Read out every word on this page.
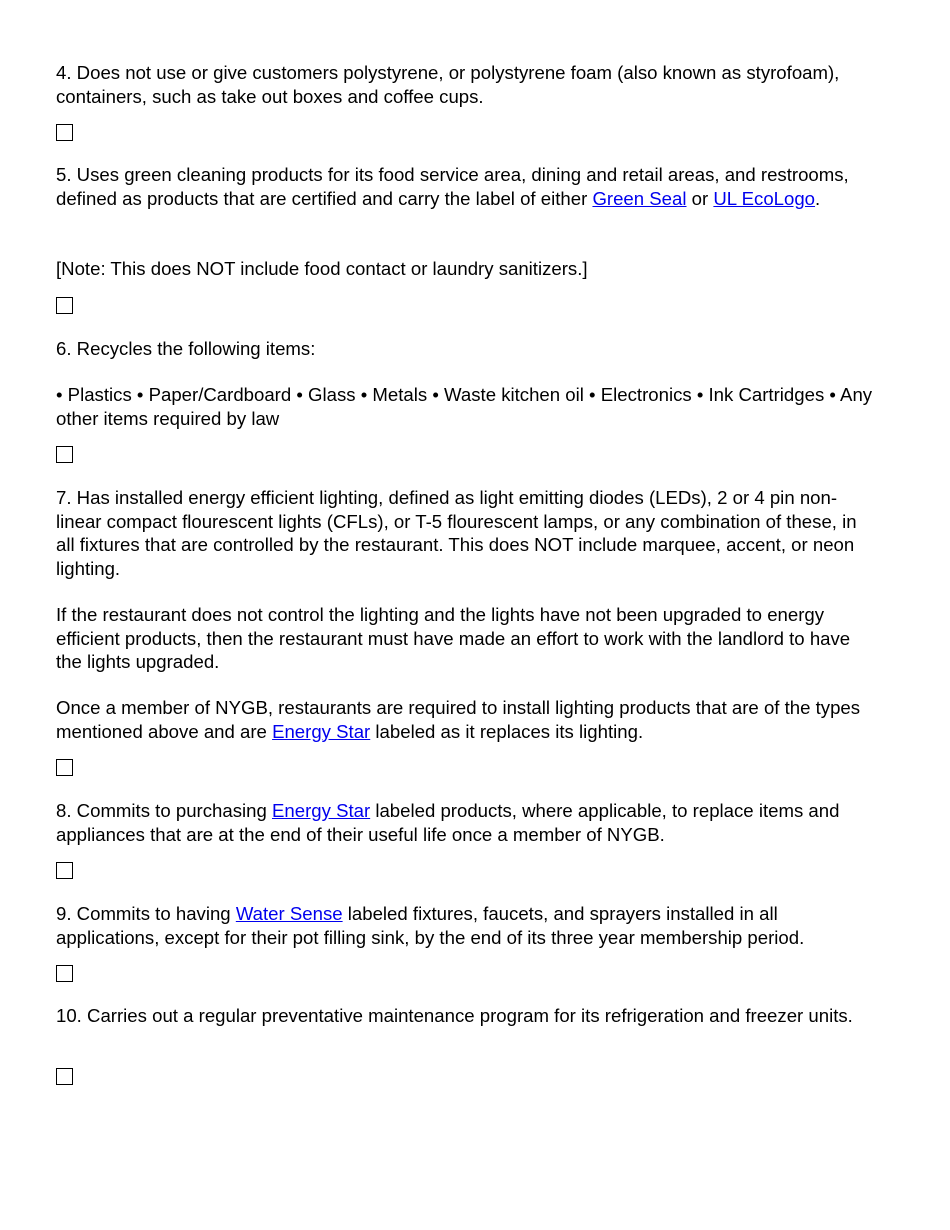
4. Does not use or give customers polystyrene, or polystyrene foam (also known as styrofoam), containers, such as take out boxes and coffee cups.

5. Uses green cleaning products for its food service area, dining and retail areas, and restrooms, defined as products that are certified and carry the label of either Green Seal or UL EcoLogo.

[Note: This does NOT include food contact or laundry sanitizers.]

6. Recycles the following items:

• Plastics • Paper/Cardboard • Glass • Metals • Waste kitchen oil • Electronics • Ink Cartridges • Any other items required by law

7. Has installed energy efficient lighting, defined as light emitting diodes (LEDs), 2 or 4 pin non-linear compact flourescent lights (CFLs), or T-5 flourescent lamps, or any combination of these, in all fixtures that are controlled by the restaurant. This does NOT include marquee, accent, or neon lighting.

If the restaurant does not control the lighting and the lights have not been upgraded to energy efficient products, then the restaurant must have made an effort to work with the landlord to have the lights upgraded.

Once a member of NYGB, restaurants are required to install lighting products that are of the types mentioned above and are Energy Star labeled as it replaces its lighting.

8. Commits to purchasing Energy Star labeled products, where applicable, to replace items and appliances that are at the end of their useful life once a member of NYGB.

9. Commits to having Water Sense labeled fixtures, faucets, and sprayers installed in all applications, except for their pot filling sink, by the end of its three year membership period.

10. Carries out a regular preventative maintenance program for its refrigeration and freezer units.
